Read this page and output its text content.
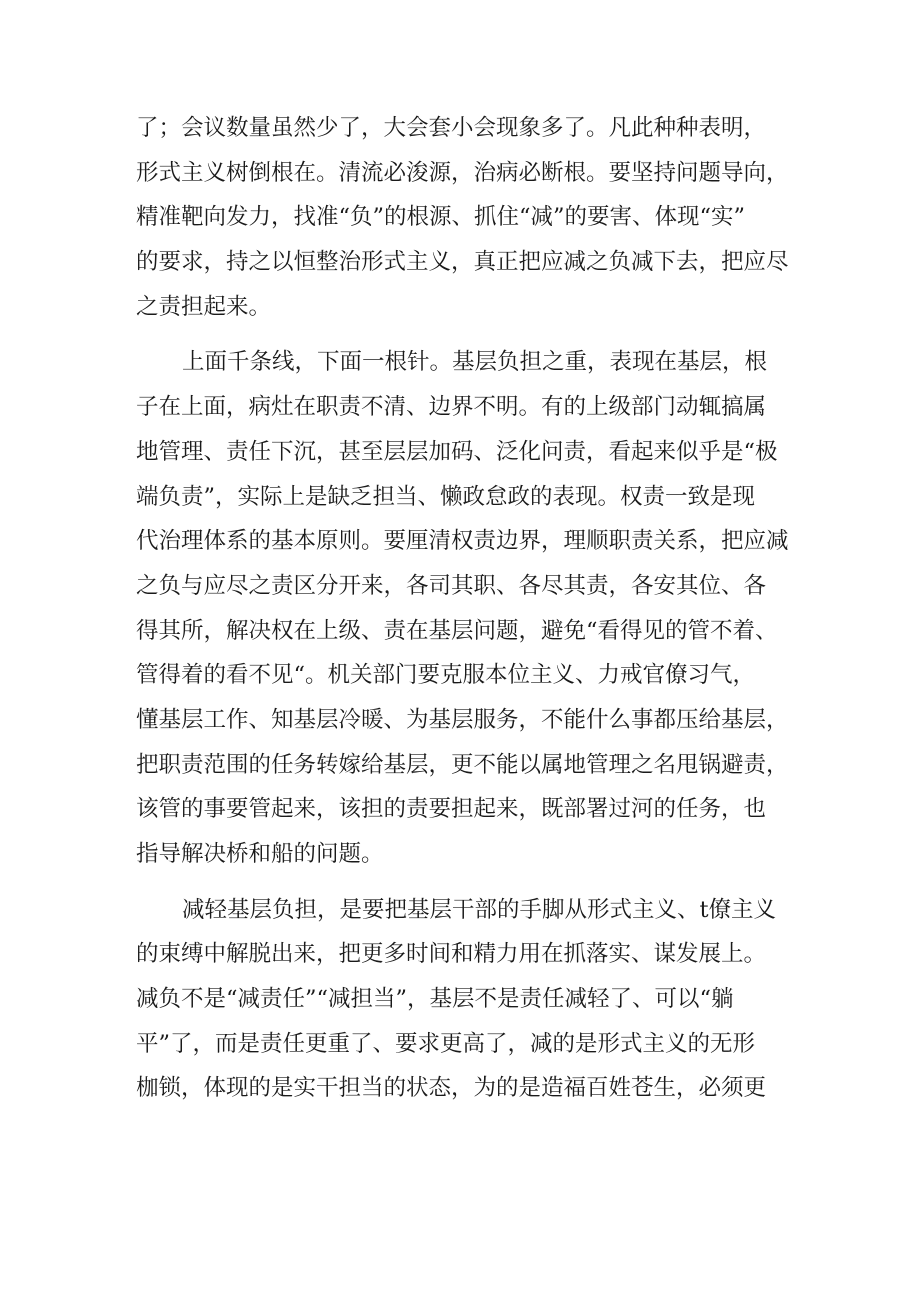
了；会议数量虽然少了，大会套小会现象多了。凡此种种表明，
形式主义树倒根在。清流必浚源，治病必断根。要坚持问题导向，
精准靶向发力，找准“负”的根源、抓住“减”的要害、体现“实”
的要求，持之以恒整治形式主义，真正把应减之负减下去，把应尽
之责担起来。
上面千条线，下面一根针。基层负担之重，表现在基层，根
子在上面，病灶在职责不清、边界不明。有的上级部门动辄搞属
地管理、责任下沉，甚至层层加码、泛化问责，看起来似乎是“极
端负责”，实际上是缺乏担当、懒政怠政的表现。权责一致是现
代治理体系的基本原则。要厘清权责边界，理顺职责关系，把应减
之负与应尽之责区分开来，各司其职、各尽其责，各安其位、各
得其所，解决权在上级、责在基层问题，避免“看得见的管不着、
管得着的看不见“。机关部门要克服本位主义、力戒官僚习气，
懂基层工作、知基层冷暖、为基层服务，不能什么事都压给基层，
把职责范围的任务转嫁给基层，更不能以属地管理之名甩锅避责，
该管的事要管起来，该担的责要担起来，既部署过河的任务，也
指导解决桥和船的问题。
减轻基层负担，是要把基层干部的手脚从形式主义、t僚主义
的束缚中解脱出来，把更多时间和精力用在抓落实、谋发展上。
减负不是“减责任”“减担当”，基层不是责任减轻了、可以“躺
平”了，而是责任更重了、要求更高了，减的是形式主义的无形
枷锁，体现的是实干担当的状态，为的是造福百姓苍生，必须更
